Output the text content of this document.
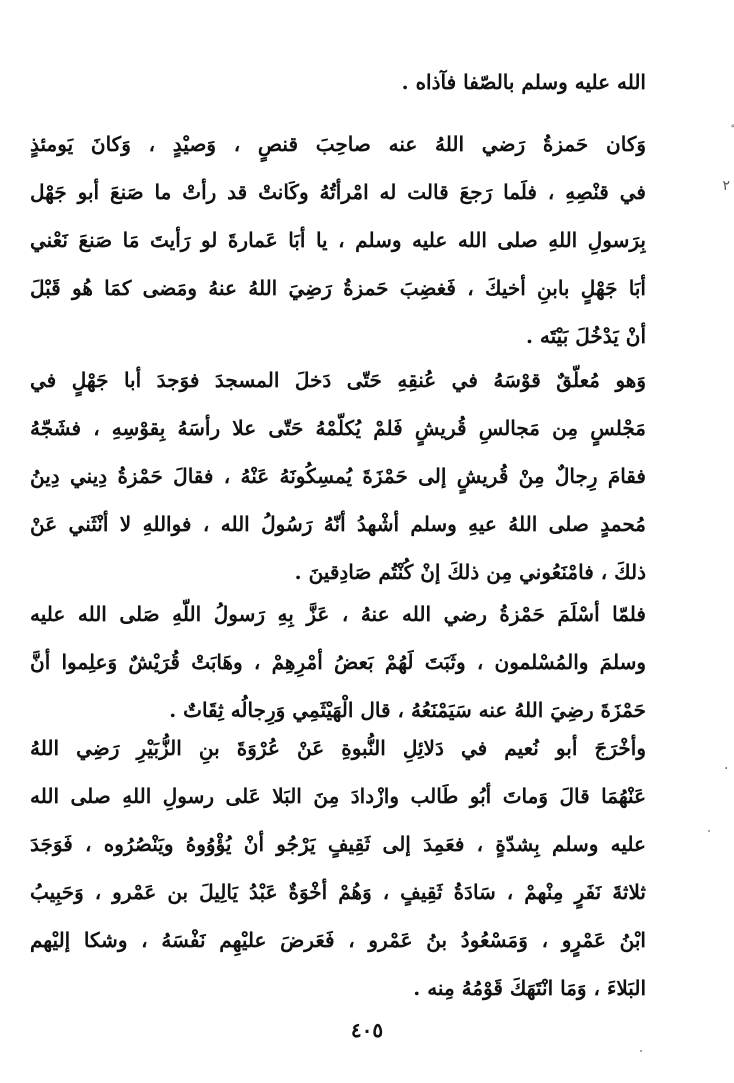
الله عليه وسلم بالصّفا فآذاه .
وَكان حَمزةُ رَضي اللهُ عنه صاحِبَ قنصٍ ، وَصيْدٍ ، وَكانَ يَومئذٍ
في قنْصِهِ ، فلَما رَجعَ قالت له امْرأتُهُ وكَانتْ قد رأتْ ما صَنعَ أبو جَهْل
بِرَسولِ اللهِ صلى الله عليه وسلم ، يا أبَا عَمارةَ لو رَأيتَ مَا صَنعَ نَعْني
أبَا جَهْلٍ بابنِ أخيكَ ، فَغضِبَ حَمزةُ رَضِيَ اللهُ عنهُ ومَضى كمَا هُو قَبْلَ
أنْ يَدْخُلَ بَيْتَه .
وَهو مُعلّقٌ قوْسَهُ في عُنقِهِ حَتّى دَخلَ المسجدَ فوَجدَ أبا جَهْلٍ في
مَجْلسٍ مِن مَجالسِ قُريشٍ فَلمْ يُكلّمْهُ حَتّى علا رأسَهُ بِقوْسِهِ ، فشَجّهُ
فقامَ رِجالٌ مِنْ قُريشٍ إلى حَمْزَةَ يُمسِكُونَهُ عَنْهُ ، فقالَ حَمْزةُ دِيني دِينُ
مُحمدٍ صلى اللهُ عيهِ وسلم أشْهدُ أنّهُ رَسُولُ الله ، فواللهِ لا أنْثَني عَنْ
ذلكَ ، فامْنَعُوني مِن ذلكَ إنْ كُنْتُم صَادِقينَ .
فلمّا أسْلَمَ حَمْزةُ رضي الله عنهُ ، عَزَّ بِهِ رَسولُ اللّهِ صَلى الله عليه
وسلمَ والمُسْلمون ، وثَبَتَ لَهُمْ بَعضُ أمْرِهِمْ ، وهَابَتْ قُرَيْشٌ وَعلِموا أنَّ
حَمْزَةَ رضِيَ اللهُ عنه سَيَمْنَعُهُ ، قال الْهَيْثَمِي وَرِجالُه ثِقَاتٌ .
وأخْرَجَ أبو نُعيم في دَلائِلِ النُّبوةِ عَنْ عُرْوَةَ بنِ الزُّبَيْرِ رَضِي اللهُ
عَنْهُمَا قالَ وَماتَ أبُو طَالب وازْدادَ مِنَ البَلا عَلى رسولِ اللهِ صلى الله
عليه وسلم بِشدّةٍ ، فعَمِدَ إلى ثَقِيفٍ يَرْجُو أنْ يُؤْوُوهُ ويَنْصُرُوه ، فَوَجَدَ
ثلاثةَ نَفَرٍ مِنْهمْ ، سَادَةُ ثَقِيفٍ ، وَهُمْ أخْوَةٌ عَبْدُ يَالِيلَ بن عَمْرو ، وَحَبِيبُ
ابْنُ عَمْرٍو ، وَمَسْعُودُ بنُ عَمْرو ، فَعَرضَ عليْهِم نَفْسَهُ ، وشكا إليْهم
البَلاءَ ، وَمَا انْتَهَكَ قَوْمُهُ مِنه .
٤٠٥
٢
٠
